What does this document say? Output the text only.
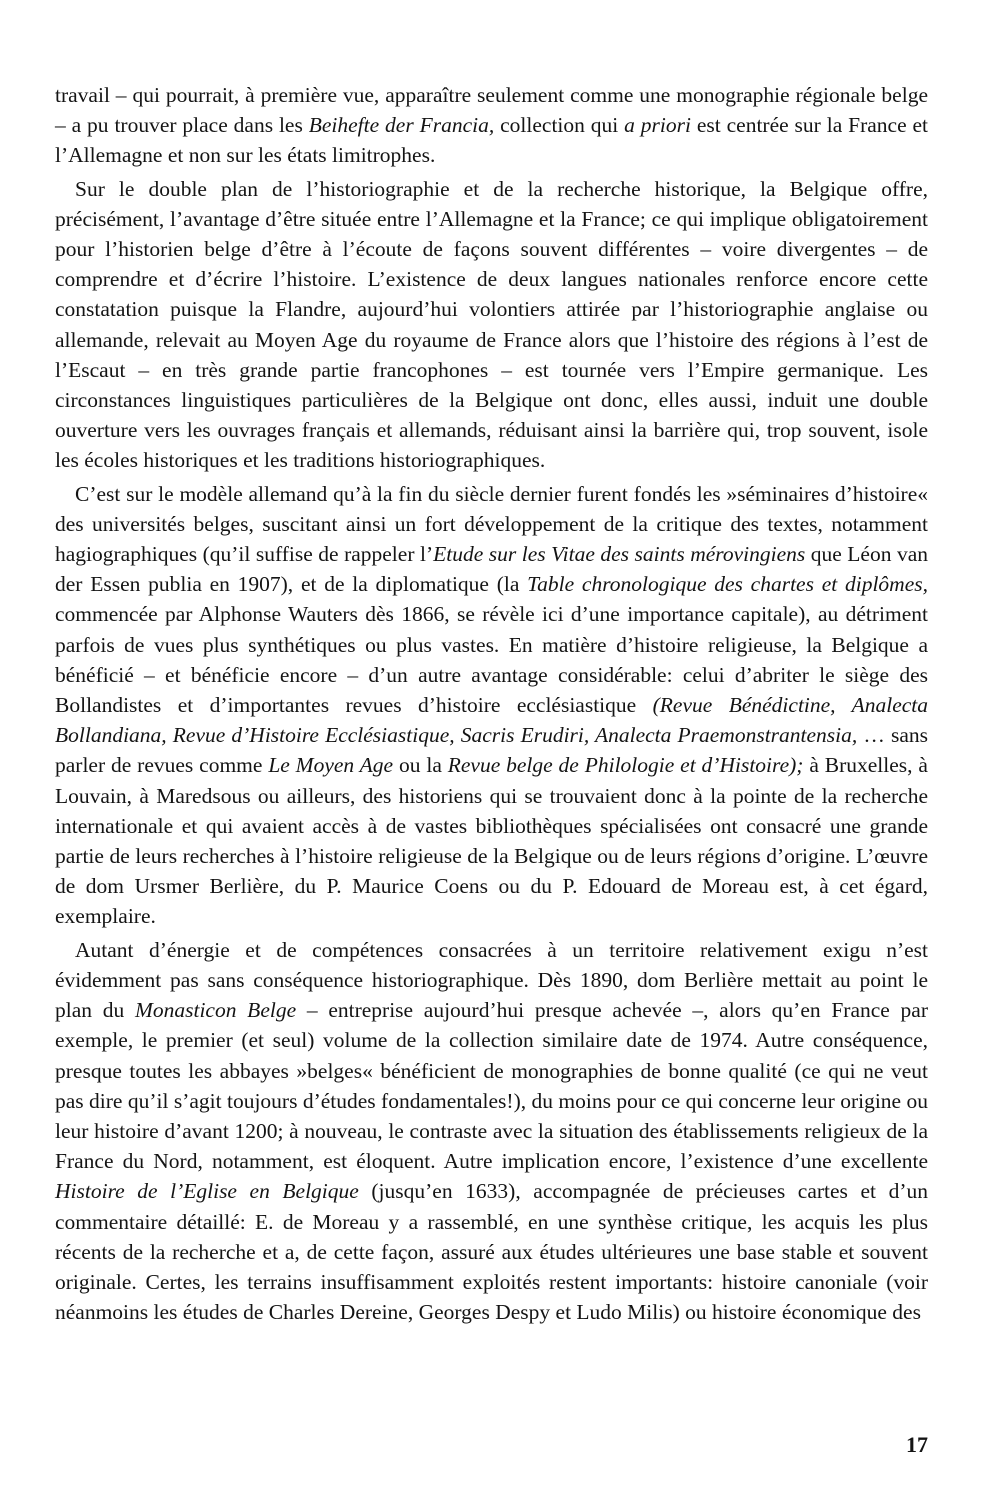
travail – qui pourrait, à première vue, apparaître seulement comme une monographie régionale belge – a pu trouver place dans les Beihefte der Francia, collection qui a priori est centrée sur la France et l’Allemagne et non sur les états limitrophes.

Sur le double plan de l’historiographie et de la recherche historique, la Belgique offre, précisément, l’avantage d’être située entre l’Allemagne et la France; ce qui implique obligatoirement pour l’historien belge d’être à l’écoute de façons souvent différentes – voire divergentes – de comprendre et d’écrire l’histoire. L’existence de deux langues nationales renforce encore cette constatation puisque la Flandre, aujourd’hui volontiers attirée par l’historiographie anglaise ou allemande, relevait au Moyen Age du royaume de France alors que l’histoire des régions à l’est de l’Escaut – en très grande partie francophones – est tournée vers l’Empire germanique. Les circonstances linguistiques particulières de la Belgique ont donc, elles aussi, induit une double ouverture vers les ouvrages français et allemands, réduisant ainsi la barrière qui, trop souvent, isole les écoles historiques et les traditions historiographiques.

C’est sur le modèle allemand qu’à la fin du siècle dernier furent fondés les »séminaires d’histoire« des universités belges, suscitant ainsi un fort développement de la critique des textes, notamment hagiographiques (qu’il suffise de rappeler l’Etude sur les Vitae des saints mérovingiens que Léon van der Essen publia en 1907), et de la diplomatique (la Table chronologique des chartes et diplômes, commencée par Alphonse Wauters dès 1866, se révèle ici d’une importance capitale), au détriment parfois de vues plus synthétiques ou plus vastes. En matière d’histoire religieuse, la Belgique a bénéficié – et bénéficie encore – d’un autre avantage considérable: celui d’abriter le siège des Bollandistes et d’importantes revues d’histoire ecclésiastique (Revue Bénédictine, Analecta Bollandiana, Revue d’Histoire Ecclésiastique, Sacris Erudiri, Analecta Praemonstrantensia, … sans parler de revues comme Le Moyen Age ou la Revue belge de Philologie et d’Histoire); à Bruxelles, à Louvain, à Maredsous ou ailleurs, des historiens qui se trouvaient donc à la pointe de la recherche internationale et qui avaient accès à de vastes bibliothèques spécialisées ont consacré une grande partie de leurs recherches à l’histoire religieuse de la Belgique ou de leurs régions d’origine. L’œuvre de dom Ursmer Berlière, du P. Maurice Coens ou du P. Edouard de Moreau est, à cet égard, exemplaire.

Autant d’énergie et de compétences consacrées à un territoire relativement exigu n’est évidemment pas sans conséquence historiographique. Dès 1890, dom Berlière mettait au point le plan du Monasticon Belge – entreprise aujourd’hui presque achevée –, alors qu’en France par exemple, le premier (et seul) volume de la collection similaire date de 1974. Autre conséquence, presque toutes les abbayes »belges« bénéficient de monographies de bonne qualité (ce qui ne veut pas dire qu’il s’agit toujours d’études fondamentales!), du moins pour ce qui concerne leur origine ou leur histoire d’avant 1200; à nouveau, le contraste avec la situation des établissements religieux de la France du Nord, notamment, est éloquent. Autre implication encore, l’existence d’une excellente Histoire de l’Eglise en Belgique (jusqu’en 1633), accompagnée de précieuses cartes et d’un commentaire détaillé: E. de Moreau y a rassemblé, en une synthèse critique, les acquis les plus récents de la recherche et a, de cette façon, assuré aux études ultérieures une base stable et souvent originale. Certes, les terrains insuffisamment exploités restent importants: histoire canoniale (voir néanmoins les études de Charles Dereine, Georges Despy et Ludo Milis) ou histoire économique des

17
